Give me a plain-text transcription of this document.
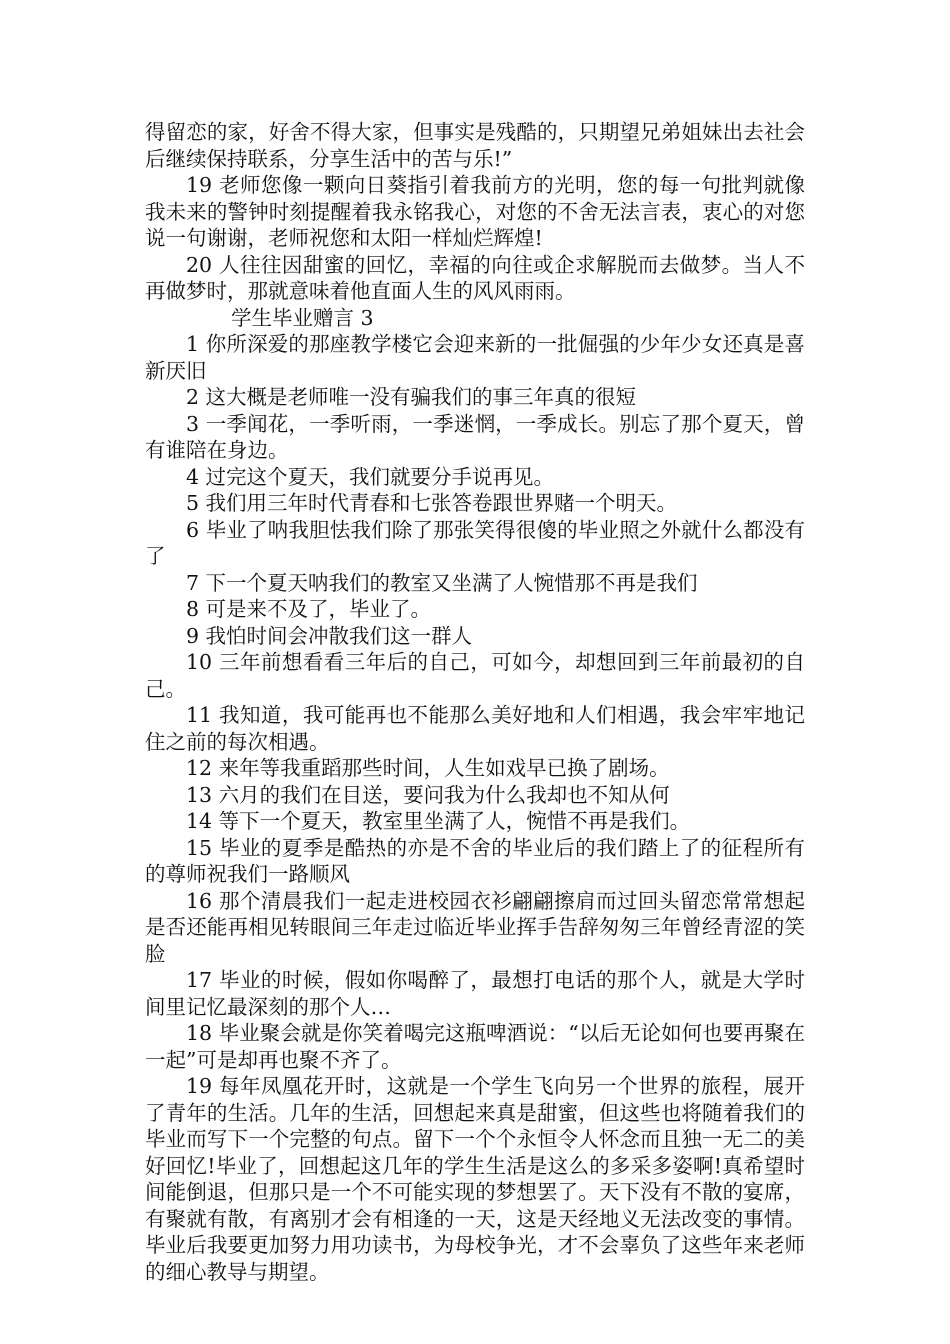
得留恋的家，好舍不得大家，但事实是残酷的，只期望兄弟姐妹出去社会后继续保持联系，分享生活中的苦与乐!”

19 老师您像一颗向日葵指引着我前方的光明，您的每一句批判就像我未来的警钟时刻提醒着我永铭我心，对您的不舍无法言表，衷心的对您说一句谢谢，老师祝您和太阳一样灿烂辉煌!

20 人往往因甜蜜的回忆，幸福的向往或企求解脱而去做梦。当人不再做梦时，那就意味着他直面人生的风风雨雨。

学生毕业赠言 3

1 你所深爱的那座教学楼它会迎来新的一批倔强的少年少女还真是喜新厌旧

2 这大概是老师唯一没有骗我们的事三年真的很短

3 一季闻花，一季听雨，一季迷惘，一季成长。别忘了那个夏天，曾有谁陪在身边。

4 过完这个夏天，我们就要分手说再见。

5 我们用三年时代青春和七张答卷跟世界赌一个明天。

6 毕业了呐我胆怯我们除了那张笑得很傻的毕业照之外就什么都没有了

7 下一个夏天呐我们的教室又坐满了人惋惜那不再是我们

8 可是来不及了，毕业了。

9 我怕时间会冲散我们这一群人

10 三年前想看看三年后的自己，可如今，却想回到三年前最初的自己。

11 我知道，我可能再也不能那么美好地和人们相遇，我会牢牢地记住之前的每次相遇。

12 来年等我重蹈那些时间，人生如戏早已换了剧场。

13 六月的我们在目送，要问我为什么我却也不知从何

14 等下一个夏天，教室里坐满了人，惋惜不再是我们。

15 毕业的夏季是酷热的亦是不舍的毕业后的我们踏上了的征程所有的尊师祝我们一路顺风

16 那个清晨我们一起走进校园衣衫翩翩擦肩而过回头留恋常常想起是否还能再相见转眼间三年走过临近毕业挥手告辞匆匆三年曾经青涩的笑脸

17 毕业的时候，假如你喝醉了，最想打电话的那个人，就是大学时间里记忆最深刻的那个人…

18 毕业聚会就是你笑着喝完这瓶啤酒说：“以后无论如何也要再聚在一起”可是却再也聚不齐了。

19 每年凤凰花开时，这就是一个学生飞向另一个世界的旅程，展开了青年的生活。几年的生活，回想起来真是甜蜜，但这些也将随着我们的毕业而写下一个完整的句点。留下一个个永恒令人怀念而且独一无二的美好回忆!毕业了，回想起这几年的学生生活是这么的多采多姿啊!真希望时间能倒退，但那只是一个不可能实现的梦想罢了。天下没有不散的宴席，有聚就有散，有离别才会有相逢的一天，这是天经地义无法改变的事情。毕业后我要更加努力用功读书，为母校争光，才不会辜负了这些年来老师的细心教导与期望。
